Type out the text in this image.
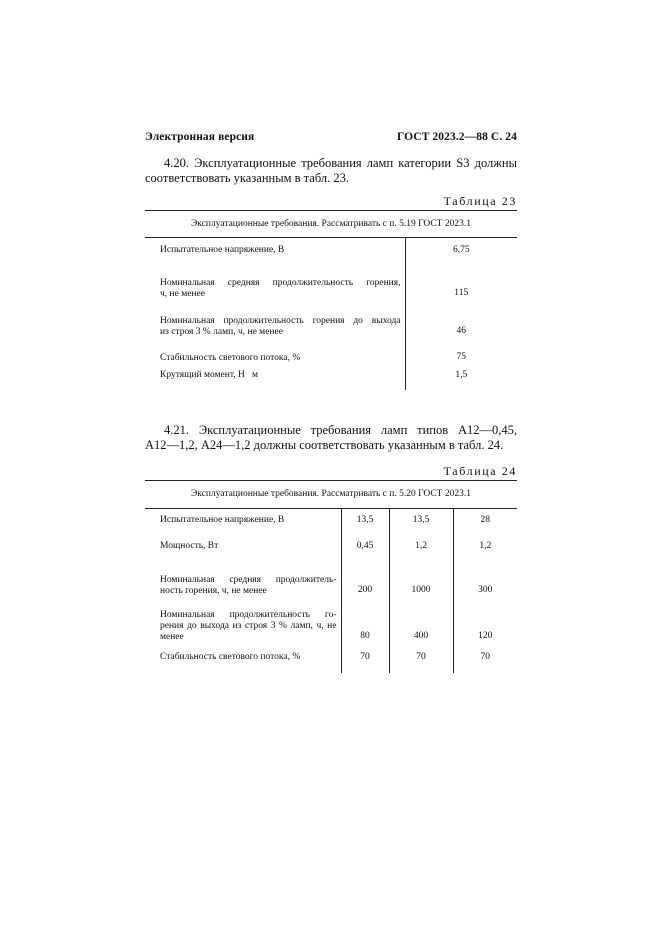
Электронная версия	ГОСТ 2023.2—88 С. 24
4.20. Эксплуатационные требования ламп категории S3 должны
соответствовать указанным в табл. 23.
Таблица 23
Эксплуатационные требования. Рассматривать с п. 5.19 ГОСТ 2023.1	

Испытательное напряжение, В	6,75

Номинальная средняя продолжительность горения,
ч, не менее	115

Номинальная продолжительность горения до выхода
из строя 3 % ламп, ч, не менее	46

Стабильность светового потока, %	75

Крутящий момент, Н   м	1,5
4.21. Эксплуатационные требования ламп типов А12—0,45,
А12—1,2, А24—1,2 должны соответствовать указанным в табл. 24.
Таблица 24
Эксплуатационные требования. Рассматривать с п. 5.20 ГОСТ 2023.1			

Испытательное напряжение, В	13,5	13,5	28

Мощность, Вт	0,45	1,2	1,2

Номинальная средняя продолжитель-
ность горения, ч, не менее	200	1000	300

Номинальная продолжительность го-
рения до выхода из строя 3 % ламп, ч, не
менее	80	400	120

Стабильность светового потока, %	70	70	70
